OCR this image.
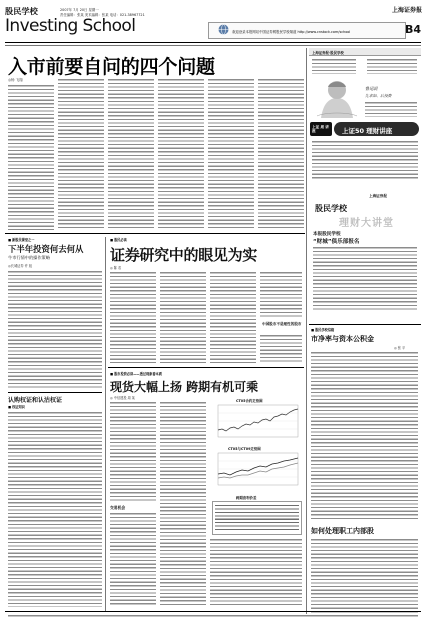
股民学校
Investing School
2007年 7月 20日 星期一
责任编辑：张某 美术编辑：张某 电话：021-38967721
上海证券报
欢迎登录本报网站中国证券网股民学校频道 http://www.cnstock.com/school	B4
入市前要自问的四个问题
◎杨 飞翔
上海证券报·股民学校
鲁迅说
先求知、后投资
上证 周 讲座	上证50 理财讲座
上海证券报
股民学校
理财大讲堂
本报股民学校
“财城”俱乐部报名
■ 股民学校信箱
市净率与资本公积金
◎ 张 平
如何处理职工内部股
■ 新股民课堂之一
下半年投资何去何从
牛市行情中的操作策略
◎长城证券 许 旭
认购权证和认沽权证
■ 权证知识
■ 股民必读
证券研究中的眼见为实
◎ 陈 若
中国股市不是理性的股市
■ 股市投资必读——透过现象看本质
现货大幅上扬 跨期有机可乘
◎ 中信建投 周 某
交易机会
CT05合约走势图
CT05与CT09走势图
跨期套利价差
